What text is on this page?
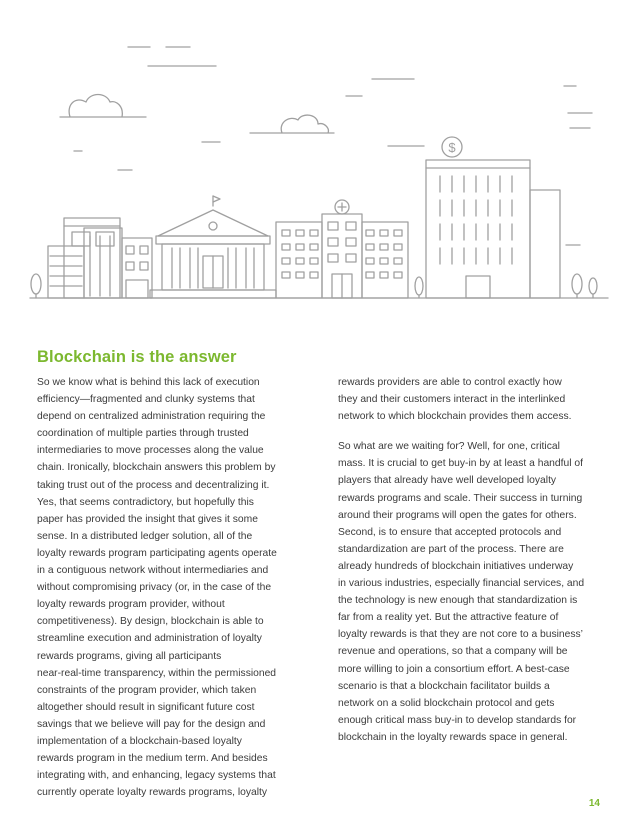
$
Blockchain is the answer

So we know what is behind this lack of execution
efficiency—fragmented and clunky systems that
depend on centralized administration requiring the
coordination of multiple parties through trusted
intermediaries to move processes along the value
chain. Ironically, blockchain answers this problem by
taking trust out of the process and decentralizing it.
Yes, that seems contradictory, but hopefully this
paper has provided the insight that gives it some
sense. In a distributed ledger solution, all of the
loyalty rewards program participating agents operate
in a contiguous network without intermediaries and
without compromising privacy (or, in the case of the
loyalty rewards program provider, without
competitiveness). By design, blockchain is able to
streamline execution and administration of loyalty
rewards programs, giving all participants
near-real-time transparency, within the permissioned
constraints of the program provider, which taken
altogether should result in significant future cost
savings that we believe will pay for the design and
implementation of a blockchain-based loyalty
rewards program in the medium term. And besides
integrating with, and enhancing, legacy systems that
currently operate loyalty rewards programs, loyalty

rewards providers are able to control exactly how
they and their customers interact in the interlinked
network to which blockchain provides them access.

So what are we waiting for? Well, for one, critical
mass. It is crucial to get buy-in by at least a handful of
players that already have well developed loyalty
rewards programs and scale. Their success in turning
around their programs will open the gates for others.
Second, is to ensure that accepted protocols and
standardization are part of the process. There are
already hundreds of blockchain initiatives underway
in various industries, especially financial services, and
the technology is new enough that standardization is
far from a reality yet. But the attractive feature of
loyalty rewards is that they are not core to a business’
revenue and operations, so that a company will be
more willing to join a consortium effort. A best-case
scenario is that a blockchain facilitator builds a
network on a solid blockchain protocol and gets
enough critical mass buy-in to develop standards for
blockchain in the loyalty rewards space in general.

14
